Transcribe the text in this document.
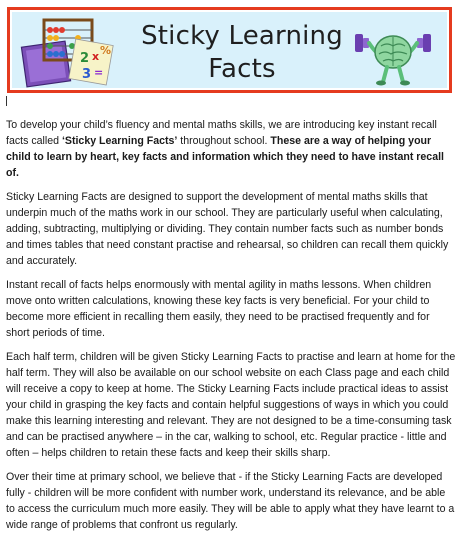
2 x
3 =
%	Sticky Learning
Facts

To develop your child’s fluency and mental maths skills, we are introducing key instant recall facts called ‘Sticky Learning Facts’ throughout school. These are a way of helping your child to learn by heart, key facts and information which they need to have instant recall of.

Sticky Learning Facts are designed to support the development of mental maths skills that underpin much of the maths work in our school. They are particularly useful when calculating, adding, subtracting, multiplying or dividing. They contain number facts such as number bonds and times tables that need constant practise and rehearsal, so children can recall them quickly and accurately.

Instant recall of facts helps enormously with mental agility in maths lessons. When children move onto written calculations, knowing these key facts is very beneficial. For your child to become more efficient in recalling them easily, they need to be practised frequently and for short periods of time.

Each half term, children will be given Sticky Learning Facts to practise and learn at home for the half term. They will also be available on our school website on each Class page and each child will receive a copy to keep at home. The Sticky Learning Facts include practical ideas to assist your child in grasping the key facts and contain helpful suggestions of ways in which you could make this learning interesting and relevant. They are not designed to be a time-consuming task and can be practised anywhere – in the car, walking to school, etc. Regular practice - little and often – helps children to retain these facts and keep their skills sharp.

Over their time at primary school, we believe that - if the Sticky Learning Facts are developed fully - children will be more confident with number work, understand its relevance, and be able to access the curriculum much more easily. They will be able to apply what they have learnt to a wide range of problems that confront us regularly.
